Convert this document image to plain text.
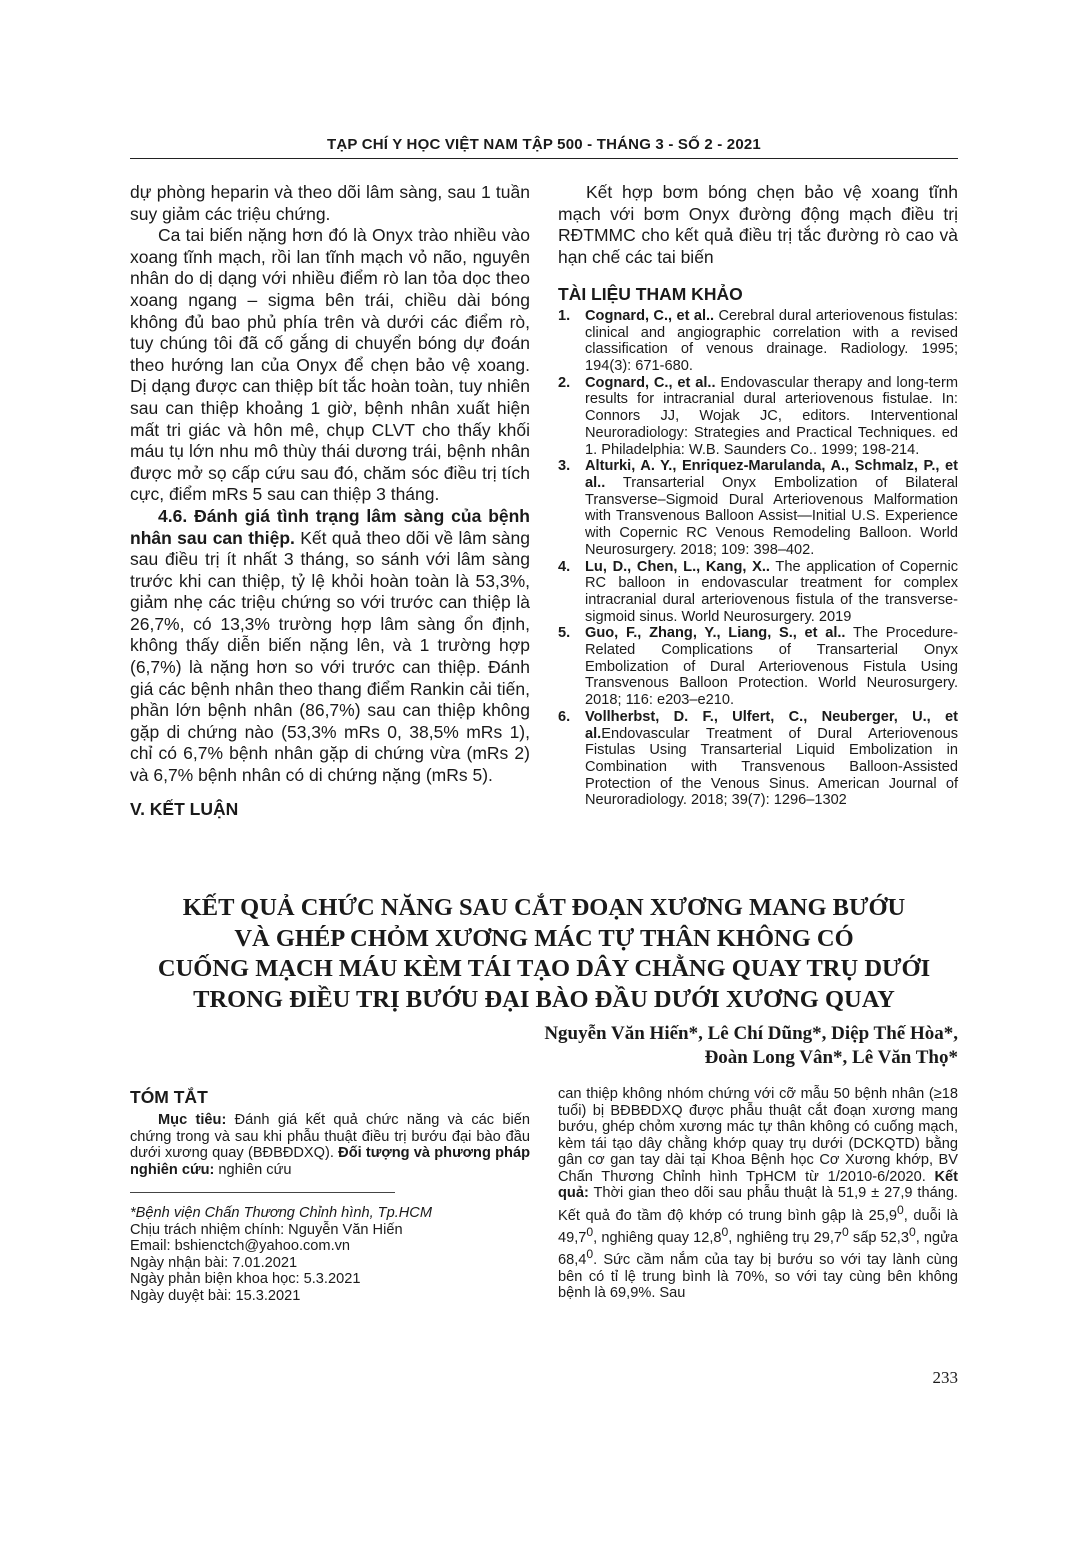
TẠP CHÍ Y HỌC VIỆT NAM TẬP 500 - THÁNG 3 - SỐ 2 - 2021

dự phòng heparin và theo dõi lâm sàng, sau 1 tuần suy giảm các triệu chứng.

Ca tai biến nặng hơn đó là Onyx trào nhiều vào xoang tĩnh mạch, rồi lan tĩnh mạch vỏ não, nguyên nhân do dị dạng với nhiều điểm rò lan tỏa dọc theo xoang ngang – sigma bên trái, chiều dài bóng không đủ bao phủ phía trên và dưới các điểm rò, tuy chúng tôi đã cố gắng di chuyển bóng dự đoán theo hướng lan của Onyx để chẹn bảo vệ xoang. Dị dạng được can thiệp bít tắc hoàn toàn, tuy nhiên sau can thiệp khoảng 1 giờ, bệnh nhân xuất hiện mất tri giác và hôn mê, chụp CLVT cho thấy khối máu tụ lớn nhu mô thùy thái dương trái, bệnh nhân được mở sọ cấp cứu sau đó, chăm sóc điều trị tích cực, điểm mRs 5 sau can thiệp 3 tháng.

4.6. Đánh giá tình trạng lâm sàng của bệnh nhân sau can thiệp. Kết quả theo dõi về lâm sàng sau điều trị ít nhất 3 tháng, so sánh với lâm sàng trước khi can thiệp, tỷ lệ khỏi hoàn toàn là 53,3%, giảm nhẹ các triệu chứng so với trước can thiệp là 26,7%, có 13,3% trường hợp lâm sàng ổn định, không thấy diễn biến nặng lên, và 1 trường hợp (6,7%) là nặng hơn so với trước can thiệp. Đánh giá các bệnh nhân theo thang điểm Rankin cải tiến, phần lớn bệnh nhân (86,7%) sau can thiệp không gặp di chứng nào (53,3% mRs 0, 38,5% mRs 1), chỉ có 6,7% bệnh nhân gặp di chứng vừa (mRs 2) và 6,7% bệnh nhân có di chứng nặng (mRs 5).

V. KẾT LUẬN

Kết hợp bơm bóng chẹn bảo vệ xoang tĩnh mạch với bơm Onyx đường động mạch điều trị RĐTMMC cho kết quả điều trị tắc đường rò cao và hạn chế các tai biến

TÀI LIỆU THAM KHẢO
1. Cognard, C., et al.. Cerebral dural arteriovenous fistulas: clinical and angiographic correlation with a revised classification of venous drainage. Radiology. 1995; 194(3): 671-680.
2. Cognard, C., et al.. Endovascular therapy and long-term results for intracranial dural arteriovenous fistulae. In: Connors JJ, Wojak JC, editors. Interventional Neuroradiology: Strategies and Practical Techniques. ed 1. Philadelphia: W.B. Saunders Co.. 1999; 198-214.
3. Alturki, A. Y., Enriquez-Marulanda, A., Schmalz, P., et al.. Transarterial Onyx Embolization of Bilateral Transverse–Sigmoid Dural Arteriovenous Malformation with Transvenous Balloon Assist—Initial U.S. Experience with Copernic RC Venous Remodeling Balloon. World Neurosurgery. 2018; 109: 398–402.
4. Lu, D., Chen, L., Kang, X.. The application of Copernic RC balloon in endovascular treatment for complex intracranial dural arteriovenous fistula of the transverse-sigmoid sinus. World Neurosurgery. 2019
5. Guo, F., Zhang, Y., Liang, S., et al.. The Procedure-Related Complications of Transarterial Onyx Embolization of Dural Arteriovenous Fistula Using Transvenous Balloon Protection. World Neurosurgery. 2018; 116: e203–e210.
6. Vollherbst, D. F., Ulfert, C., Neuberger, U., et al.Endovascular Treatment of Dural Arteriovenous Fistulas Using Transarterial Liquid Embolization in Combination with Transvenous Balloon-Assisted Protection of the Venous Sinus. American Journal of Neuroradiology. 2018; 39(7): 1296–1302
KẾT QUẢ CHỨC NĂNG SAU CẮT ĐOẠN XƯƠNG MANG BƯỚU
VÀ GHÉP CHỎM XƯƠNG MÁC TỰ THÂN KHÔNG CÓ
CUỐNG MẠCH MÁU KÈM TÁI TẠO DÂY CHẰNG QUAY TRỤ DƯỚI
TRONG ĐIỀU TRỊ BƯỚU ĐẠI BÀO ĐẦU DƯỚI XƯƠNG QUAY
Nguyễn Văn Hiến*, Lê Chí Dũng*, Diệp Thế Hòa*,
Đoàn Long Vân*, Lê Văn Thọ*
TÓM TẮT

Mục tiêu: Đánh giá kết quả chức năng và các biến chứng trong và sau khi phẫu thuật điều trị bướu đại bào đầu dưới xương quay (BĐBĐDXQ). Đối tượng và phương pháp nghiên cứu: nghiên cứu

*Bệnh viện Chấn Thương Chỉnh hình, Tp.HCM

Chịu trách nhiệm chính: Nguyễn Văn Hiến

Email: bshienctch@yahoo.com.vn

Ngày nhận bài: 7.01.2021

Ngày phản biện khoa học: 5.3.2021

Ngày duyệt bài: 15.3.2021

can thiệp không nhóm chứng với cỡ mẫu 50 bệnh nhân (≥18 tuổi) bị BĐBĐDXQ được phẫu thuật cắt đoạn xương mang bướu, ghép chỏm xương mác tự thân không có cuống mạch, kèm tái tạo dây chằng khớp quay trụ dưới (DCKQTD) bằng gân cơ gan tay dài tại Khoa Bệnh học Cơ Xương khớp, BV Chấn Thương Chỉnh hình TpHCM từ 1/2010-6/2020. Kết quả: Thời gian theo dõi sau phẫu thuật là 51,9 ± 27,9 tháng. Kết quả đo tầm độ khớp có trung bình gập là 25,9$^0$, duỗi là 49,7$^0$, nghiêng quay 12,8$^0$, nghiêng trụ 29,7$^0$ sấp 52,3$^0$, ngửa 68,4$^0$. Sức cầm nắm của tay bị bướu so với tay lành cùng bên có tỉ lệ trung bình là 70%, so với tay cùng bên không bệnh là 69,9%. Sau

233
